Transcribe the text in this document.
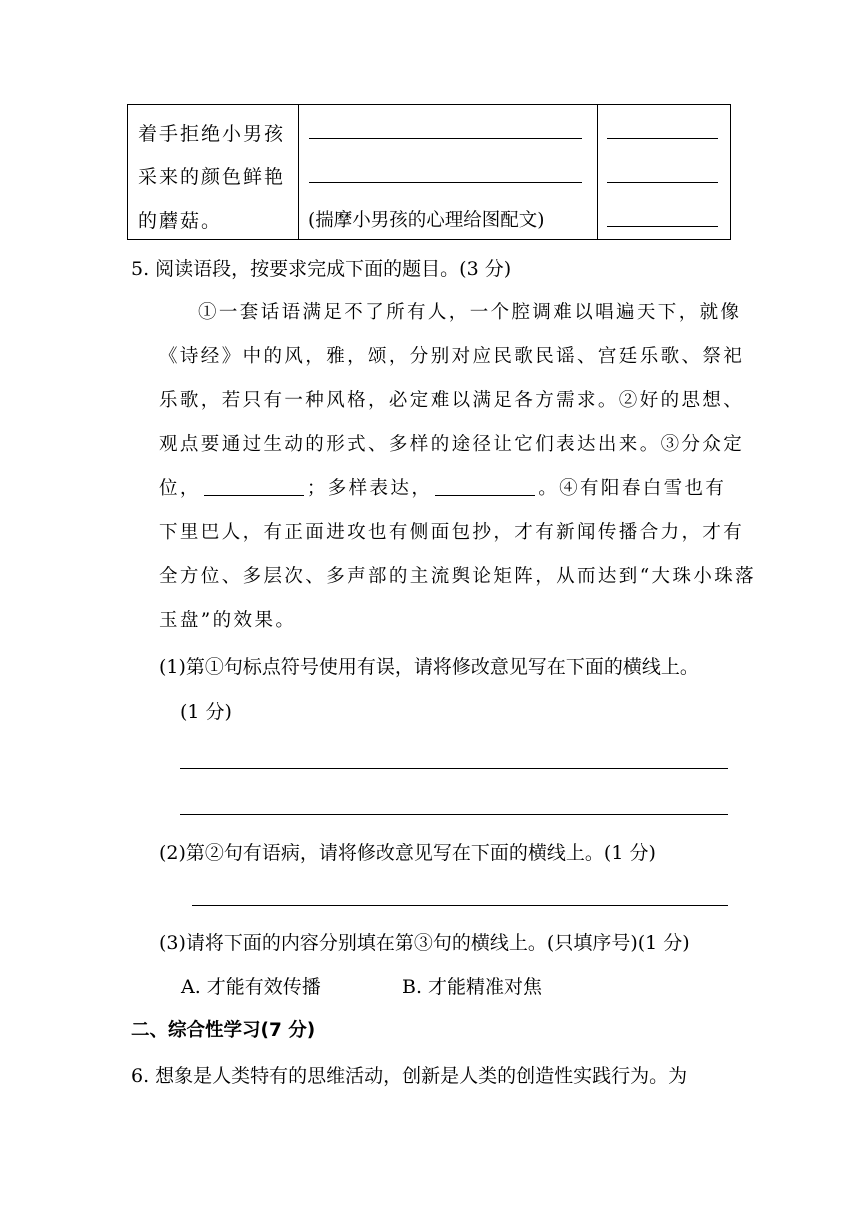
着手拒绝小男孩
采来的颜色鲜艳
的蘑菇。	(揣摩小男孩的心理给图配文)
5. 阅读语段，按要求完成下面的题目。(3 分)
①一套话语满足不了所有人，一个腔调难以唱遍天下，就像
《诗经》中的风，雅，颂，分别对应民歌民谣、宫廷乐歌、祭祀
乐歌，若只有一种风格，必定难以满足各方需求。②好的思想、
观点要通过生动的形式、多样的途径让它们表达出来。③分众定
位，	；多样表达，	。④有阳春白雪也有
下里巴人，有正面进攻也有侧面包抄，才有新闻传播合力，才有
全方位、多层次、多声部的主流舆论矩阵，从而达到“大珠小珠落
玉盘”的效果。
(1)第①句标点符号使用有误，请将修改意见写在下面的横线上。
(1 分)
(2)第②句有语病，请将修改意见写在下面的横线上。(1 分)
(3)请将下面的内容分别填在第③句的横线上。(只填序号)(1 分)
A. 才能有效传播	B. 才能精准对焦
二、综合性学习(7 分)
6. 想象是人类特有的思维活动，创新是人类的创造性实践行为。为
